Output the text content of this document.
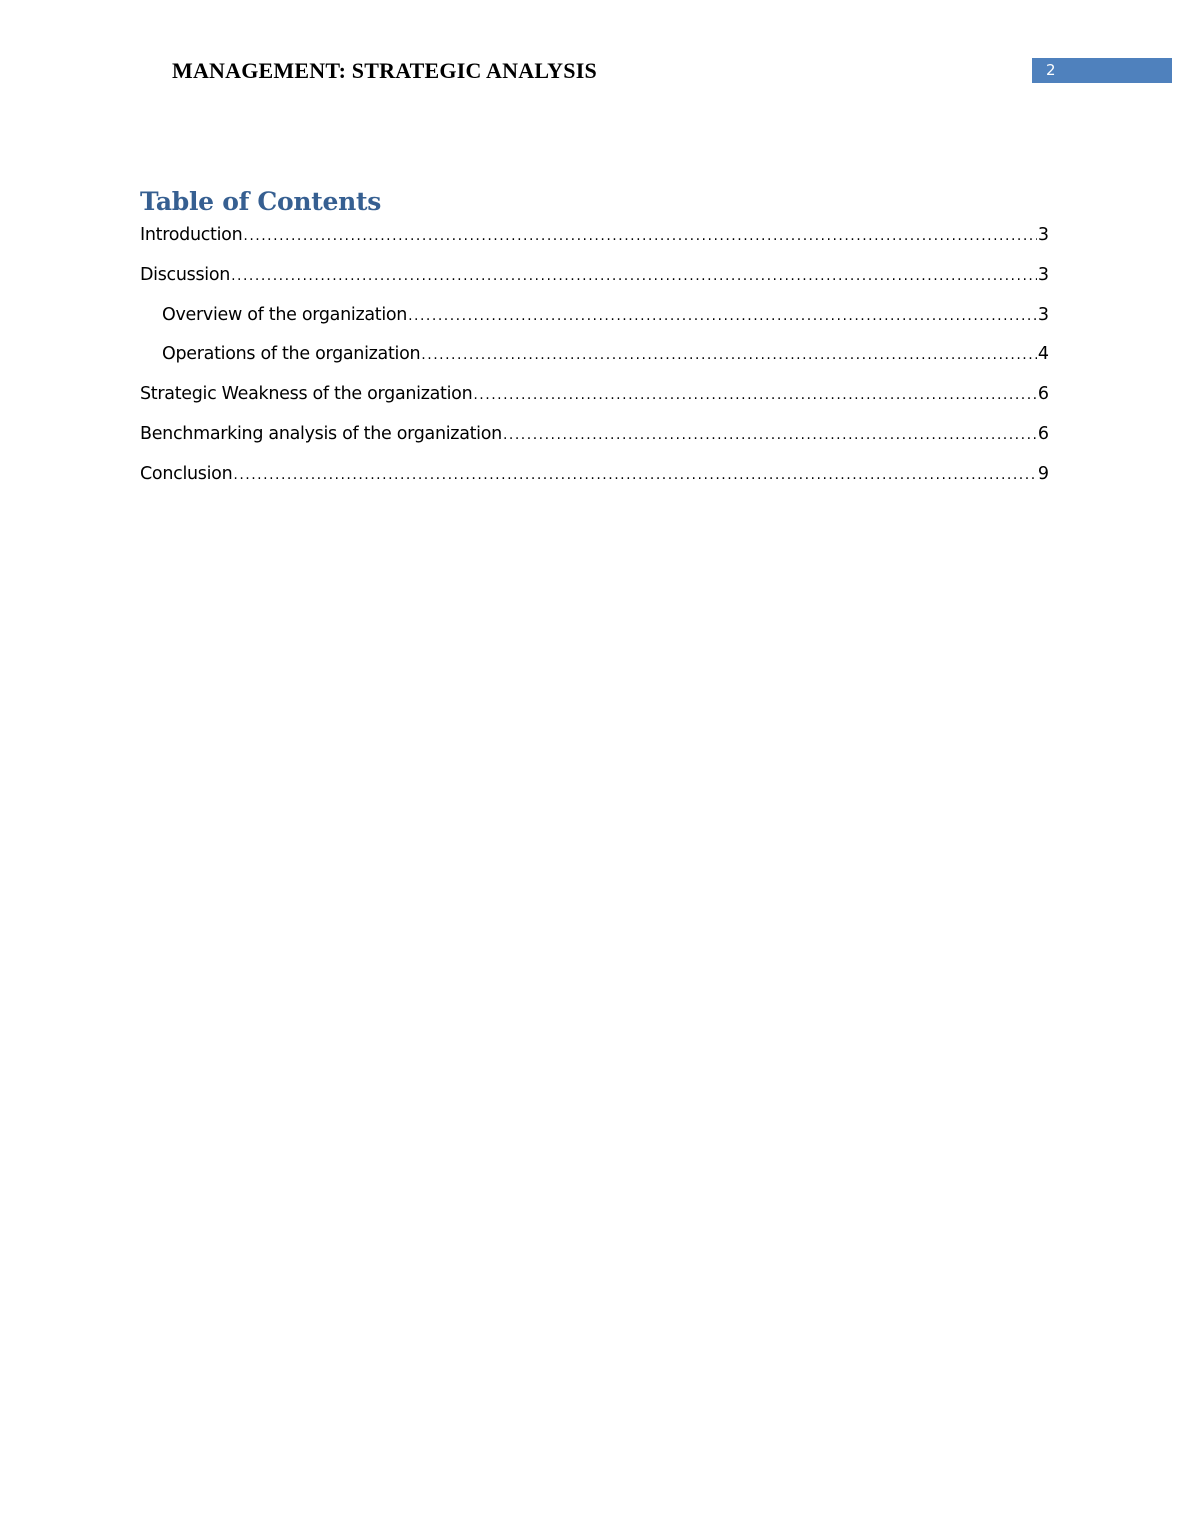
MANAGEMENT: STRATEGIC ANALYSIS	2
Table of Contents
Introduction .....	3
Discussion .....	3
Overview of the organization .....	3
Operations of the organization .....	4
Strategic Weakness of the organization .....	6
Benchmarking analysis of the organization .....	6
Conclusion .....	9
